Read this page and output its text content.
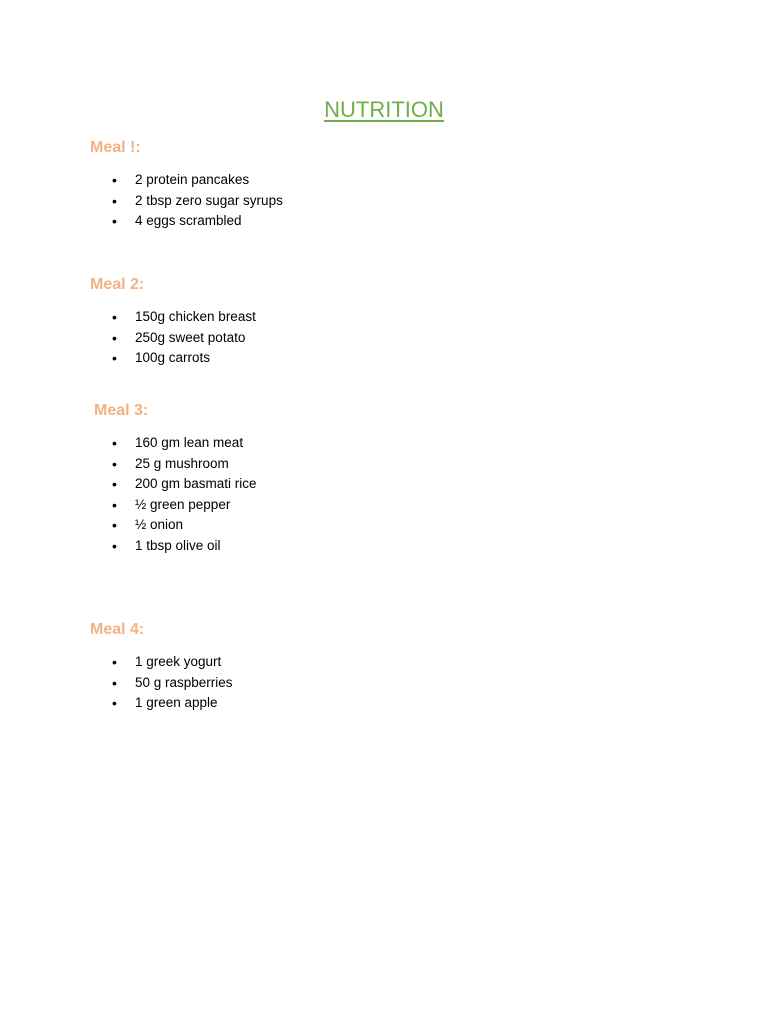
NUTRITION
Meal !:
• 2 protein pancakes
• 2 tbsp zero sugar syrups
• 4 eggs scrambled
Meal 2:
• 150g chicken breast
• 250g sweet potato
• 100g carrots
Meal 3:
• 160 gm lean meat
• 25 g mushroom
• 200 gm basmati rice
• ½ green pepper
• ½ onion
• 1 tbsp olive oil
Meal 4:
• 1 greek yogurt
• 50 g raspberries
• 1 green apple
